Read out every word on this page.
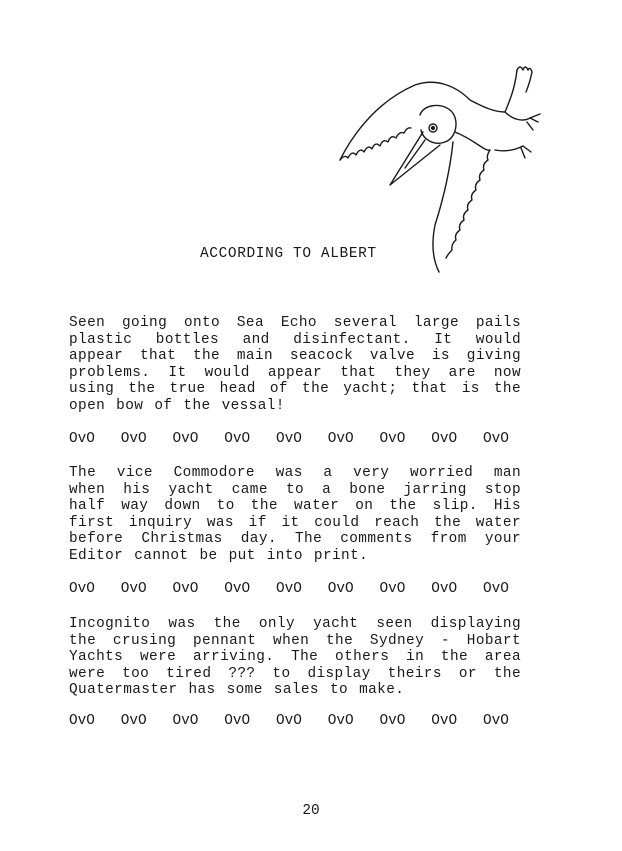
ACCORDING TO ALBERT
Seen going onto Sea Echo several large pails
plastic bottles and disinfectant. It would
appear that the main seacock valve is giving
problems. It would appear that they are now
using the true head of the yacht; that is the
open bow of the vessal!
OvO OvO OvO OvO OvO OvO OvO OvO OvO
The vice Commodore was a very worried man
when his yacht came to a bone jarring stop
half way down to the water on the slip. His
first inquiry was if it could reach the water
before Christmas day. The comments from your
Editor cannot be put into print.
OvO OvO OvO OvO OvO OvO OvO OvO OvO
Incognito was the only yacht seen displaying
the crusing pennant when the Sydney - Hobart
Yachts were arriving. The others in the area
were too tired ??? to display theirs or the
Quatermaster has some sales to make.
OvO OvO OvO OvO OvO OvO OvO OvO OvO
20
